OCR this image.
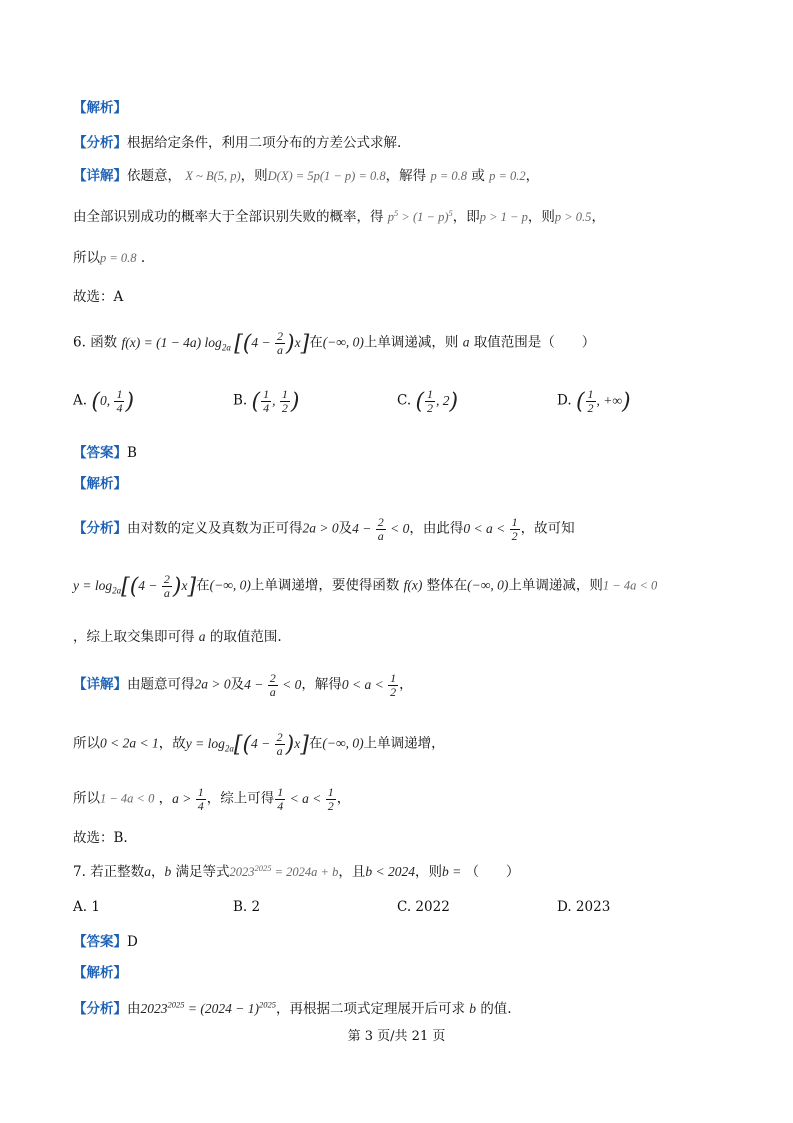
【解析】
【分析】根据给定条件，利用二项分布的方差公式求解.
【详解】依题意， X ~ B(5, p)，则D(X) = 5p(1 − p) = 0.8，解得 p = 0.8 或 p = 0.2，
由全部识别成功的概率大于全部识别失败的概率，得 $p^5 > (1 - p)^5$，即p > 1 − p，则p > 0.5，
所以p = 0.8 .
故选：A
6. 函数 f(x) = (1 − 4a) $\log_{2a} [(4 - \frac{2}{a} )x]$在(−∞, 0)上单调递减，则 a 取值范围是（　　）
A. (0, $\frac{1}{4}$ )	B. ( $\frac{1}{4}$ , $\frac{1}{2}$ )	C. ( $\frac{1}{2}$ , 2)	D. ( $\frac{1}{2}$ , +∞)
【答案】B
【解析】
【分析】由对数的定义及真数为正可得2a > 0及$4 - \frac{2}{a} < 0$，由此得$0 < a < \frac{1}{2}$ ，故可知
$y = \log_{2a}[(4 - \frac{2}{a} )x]$在(−∞, 0)上单调递增，要使得函数 f(x) 整体在(−∞, 0)上单调递减，则1 − 4a < 0
，综上取交集即可得 a 的取值范围.
【详解】由题意可得2a > 0及$4 - \frac{2}{a} < 0$，解得$0 < a < \frac{1}{2}$ ，
所以0 < 2a < 1，故$y = \log_{2a}[(4 - \frac{2}{a} )x]$在(−∞, 0)上单调递增，
所以1 − 4a < 0 ，$a > \frac{1}{4}$ ，综上可得 $\frac{1}{4} < a < \frac{1}{2}$ ，
故选：B.
7. 若正整数a，b 满足等式$2023^{2025} = 2024a + b$，且b < 2024，则b = （　　）
A. 1	B. 2	C. 2022	D. 2023
【答案】D
【解析】
【分析】由$2023^{2025} = (2024 - 1)^{2025}$，再根据二项式定理展开后可求 b 的值.
第 3 页/共 21 页
